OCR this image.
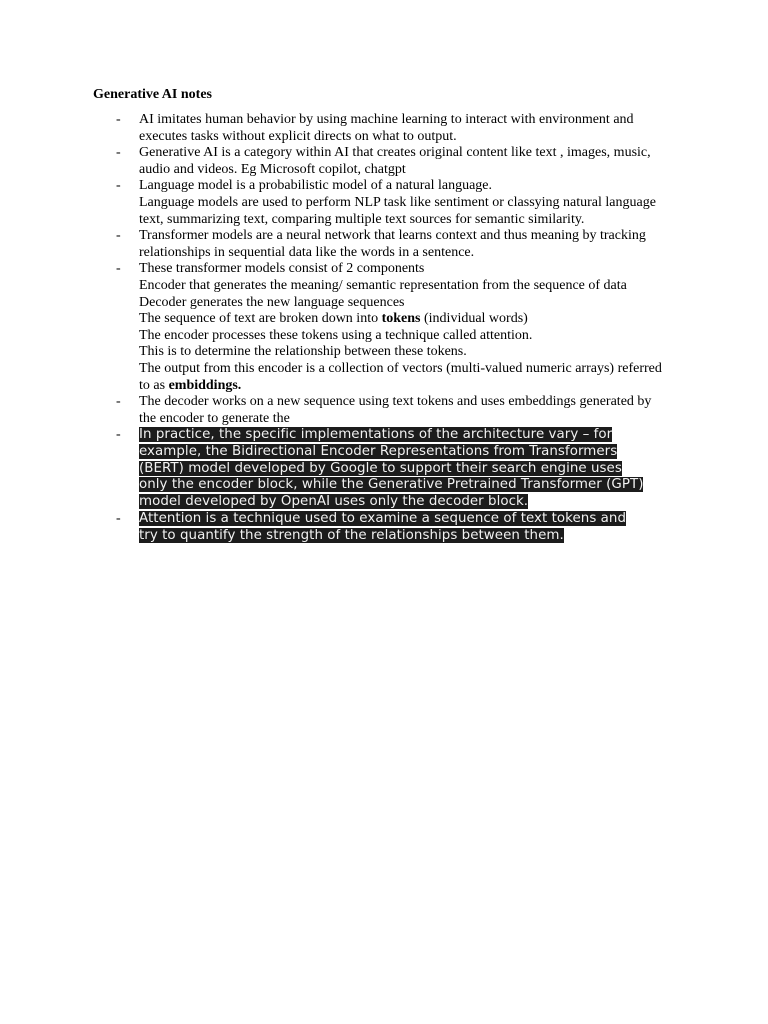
Generative AI notes
- AI imitates human behavior by using machine learning to interact with environment and
executes tasks without explicit directs on what to output.
- Generative AI is a category within AI that creates original content like text , images, music,
audio and videos. Eg Microsoft copilot, chatgpt
- Language model is a probabilistic model of a natural language.
Language models are used to perform NLP task like sentiment or classying natural language
text, summarizing text, comparing multiple text sources for semantic similarity.
- Transformer models are a neural network that learns context and thus meaning by tracking
relationships in sequential data like the words in a sentence.
- These transformer models consist of 2 components
Encoder that generates the meaning/ semantic representation from the sequence of data
Decoder generates the new language sequences
The sequence of text are broken down into tokens (individual words)
The encoder processes these tokens using a technique called attention.
This is to determine the relationship between these tokens.
The output from this encoder is a collection of vectors (multi-valued numeric arrays) referred
to as embiddings.
- The decoder works on a new sequence using text tokens and uses embeddings generated by
the encoder to generate the
- In practice, the specific implementations of the architecture vary – for
example, the Bidirectional Encoder Representations from Transformers
(BERT) model developed by Google to support their search engine uses
only the encoder block, while the Generative Pretrained Transformer (GPT)
model developed by OpenAI uses only the decoder block.
- Attention is a technique used to examine a sequence of text tokens and
try to quantify the strength of the relationships between them.
